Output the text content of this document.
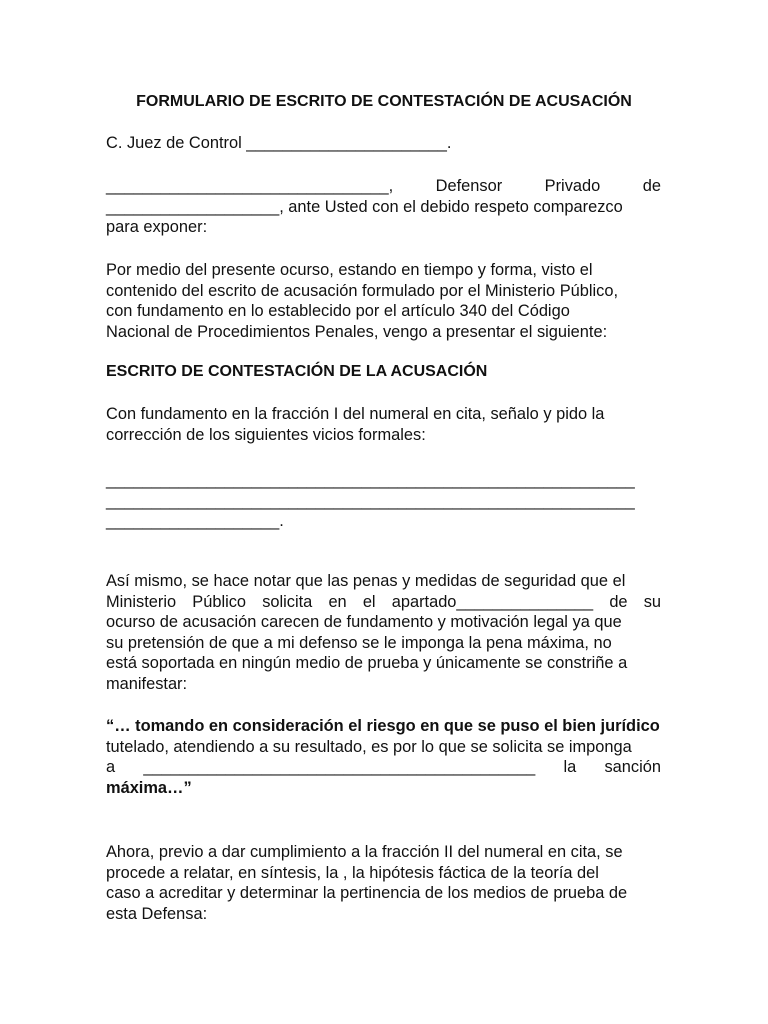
FORMULARIO DE ESCRITO DE CONTESTACIÓN DE ACUSACIÓN
C. Juez de Control ______________________.
_______________________________,	Defensor	Privado	de
___________________, ante Usted con el debido respeto comparezco
para exponer:
Por medio del presente ocurso, estando en tiempo y forma, visto el
contenido del escrito de acusación formulado por el Ministerio Público,
con fundamento en lo establecido por el artículo 340 del Código
Nacional de Procedimientos Penales, vengo a presentar el siguiente:
ESCRITO DE CONTESTACIÓN DE LA ACUSACIÓN
Con fundamento en la fracción I del numeral en cita, señalo y pido la
corrección de los siguientes vicios formales:
__________________________________________________________
__________________________________________________________
___________________.
Así mismo, se hace notar que las penas y medidas de seguridad que el
Ministerio Público solicita en el apartado_______________ de su
ocurso de acusación carecen de fundamento y motivación legal ya que
su pretensión de que a mi defenso se le imponga la pena máxima, no
está soportada en ningún medio de prueba y únicamente se constriñe a
manifestar:
“… tomando en consideración el riesgo en que se puso el bien jurídico
tutelado, atendiendo a su resultado, es por lo que se solicita se imponga
a ___________________________________________ la sanción
máxima…”
Ahora, previo a dar cumplimiento a la fracción II del numeral en cita, se
procede a relatar, en síntesis, la , la hipótesis fáctica de la teoría del
caso a acreditar y determinar la pertinencia de los medios de prueba de
esta Defensa:
